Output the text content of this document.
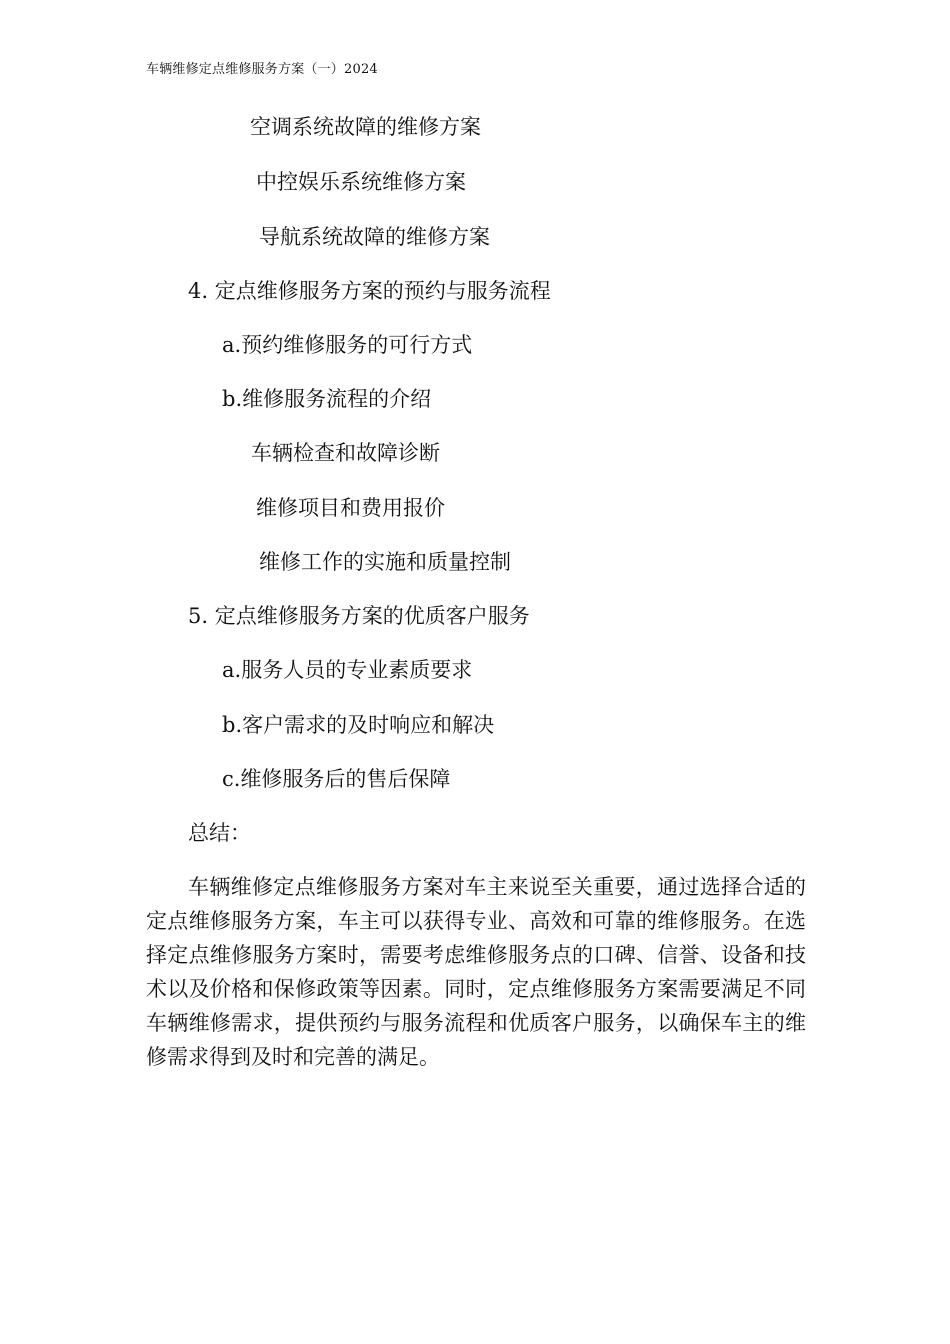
车辆维修定点维修服务方案（一）2024
空调系统故障的维修方案
中控娱乐系统维修方案
导航系统故障的维修方案
4. 定点维修服务方案的预约与服务流程
a.预约维修服务的可行方式
b.维修服务流程的介绍
车辆检查和故障诊断
维修项目和费用报价
维修工作的实施和质量控制
5. 定点维修服务方案的优质客户服务
a.服务人员的专业素质要求
b.客户需求的及时响应和解决
c.维修服务后的售后保障
总结：
车辆维修定点维修服务方案对车主来说至关重要，通过选择合适的定点维修服务方案，车主可以获得专业、高效和可靠的维修服务。在选择定点维修服务方案时，需要考虑维修服务点的口碑、信誉、设备和技术以及价格和保修政策等因素。同时，定点维修服务方案需要满足不同车辆维修需求，提供预约与服务流程和优质客户服务，以确保车主的维修需求得到及时和完善的满足。
